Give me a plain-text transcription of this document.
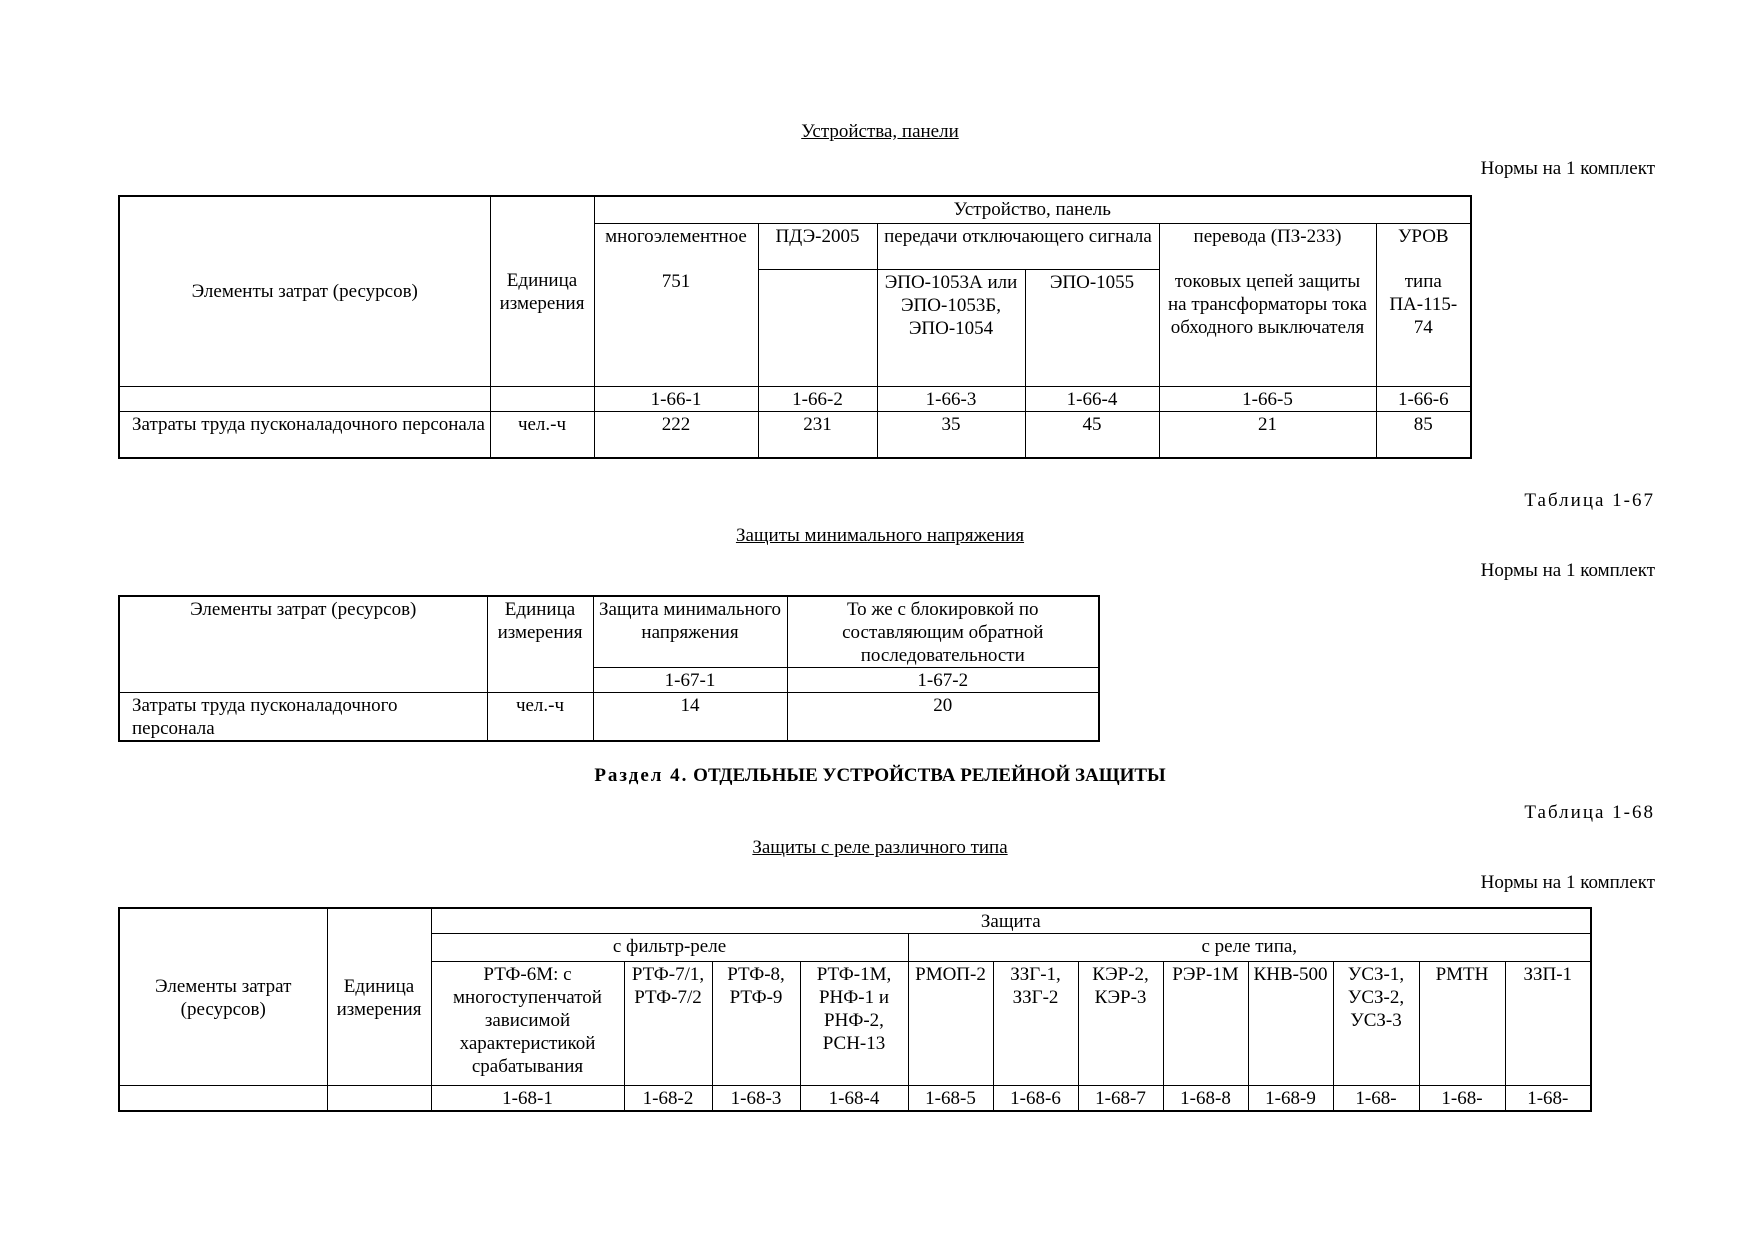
Устройства, панели
Нормы на 1 комплект
Элементы затрат (ресурсов)	Единица измерения	Устройство, панель					
		многоэлементное	ПДЭ-2005	передачи отключающего сигнала		перевода (ПЗ-233)	УРОВ
		751		ЭПО-1053А или ЭПО-1053Б, ЭПО-1054	ЭПО-1055	токовых цепей защиты на трансформаторы тока обходного выключателя	типа ПА-115-74
		1-66-1	1-66-2	1-66-3	1-66-4	1-66-5	1-66-6
Затраты труда пусконаладочного персонала	чел.-ч	222	231	35	45	21	85
Таблица 1-67
Защиты минимального напряжения
Нормы на 1 комплект
Элементы затрат (ресурсов)	Единица измерения	Защита минимального напряжения	То же с блокировкой по составляющим обратной последовательности
		1-67-1	1-67-2
Затраты труда пусконаладочного персонала	чел.-ч	14	20
Раздел 4. ОТДЕЛЬНЫЕ УСТРОЙСТВА РЕЛЕЙНОЙ ЗАЩИТЫ
Таблица 1-68
Защиты с реле различного типа
Нормы на 1 комплект
Элементы затрат (ресурсов)	Единица измерения	Защита											
		с фильтр-реле				с реле типа,							
		РТФ-6М: с многоступенчатой зависимой характеристикой срабатывания	РТФ-7/1, РТФ-7/2	РТФ-8, РТФ-9	РТФ-1М, РНФ-1 и РНФ-2, РСН-13	РМОП-2	ЗЗГ-1, ЗЗГ-2	КЭР-2, КЭР-3	РЭР-1М	КНВ-500	УСЗ-1, УСЗ-2, УСЗ-3	РМТН	ЗЗП-1
		1-68-1	1-68-2	1-68-3	1-68-4	1-68-5	1-68-6	1-68-7	1-68-8	1-68-9	1-68-	1-68-	1-68-
